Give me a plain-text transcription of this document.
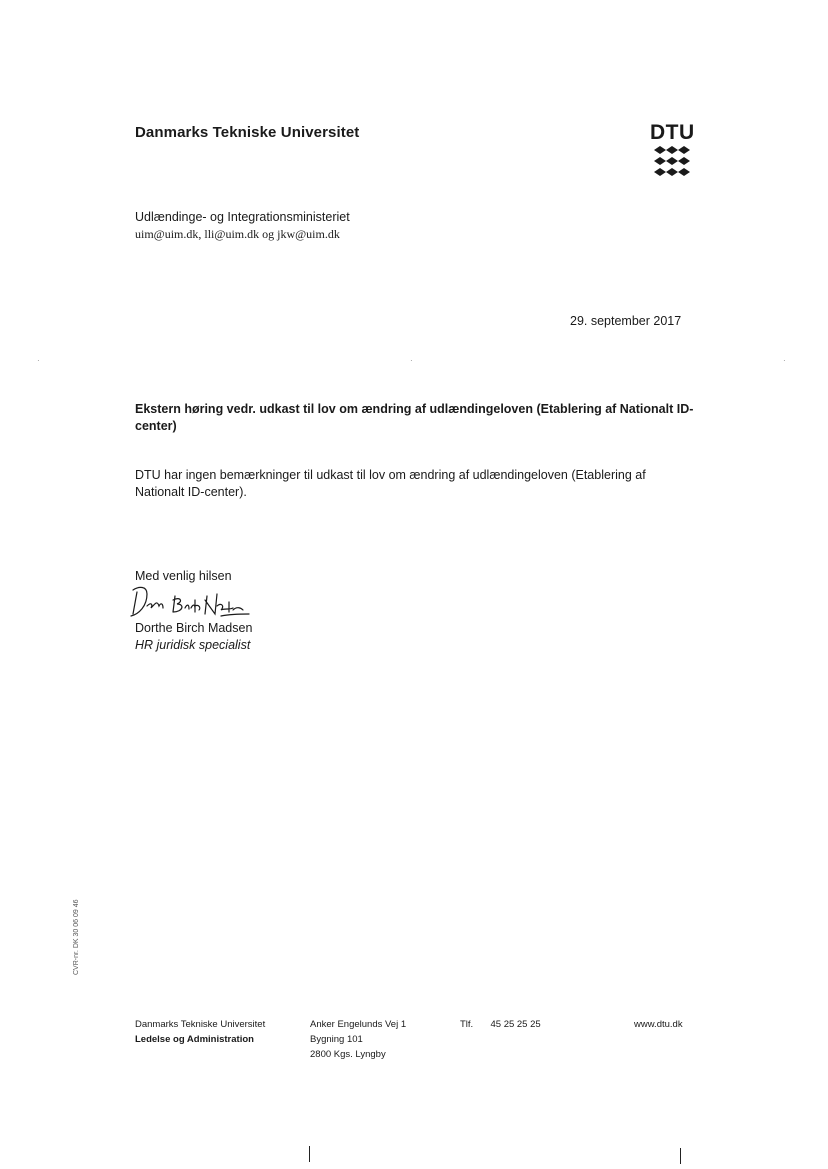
Danmarks Tekniske Universitet	DTU
Udlændinge- og Integrationsministeriet
uim@uim.dk, lli@uim.dk og jkw@uim.dk
29. september 2017
·	·	·
Ekstern høring vedr. udkast til lov om ændring af udlændingeloven (Etablering af Nationalt ID-center)
DTU har ingen bemærkninger til udkast til lov om ændring af udlændingeloven (Etablering af Nationalt ID-center).
Med venlig hilsen
Dorthe Birch Madsen
HR juridisk specialist
CVR-nr. DK 30 06 09 46
Danmarks Tekniske Universitet
Ledelse og Administration
Anker Engelunds Vej 1
Bygning 101
2800 Kgs. Lyngby
Tlf. 45 25 25 25	www.dtu.dk
